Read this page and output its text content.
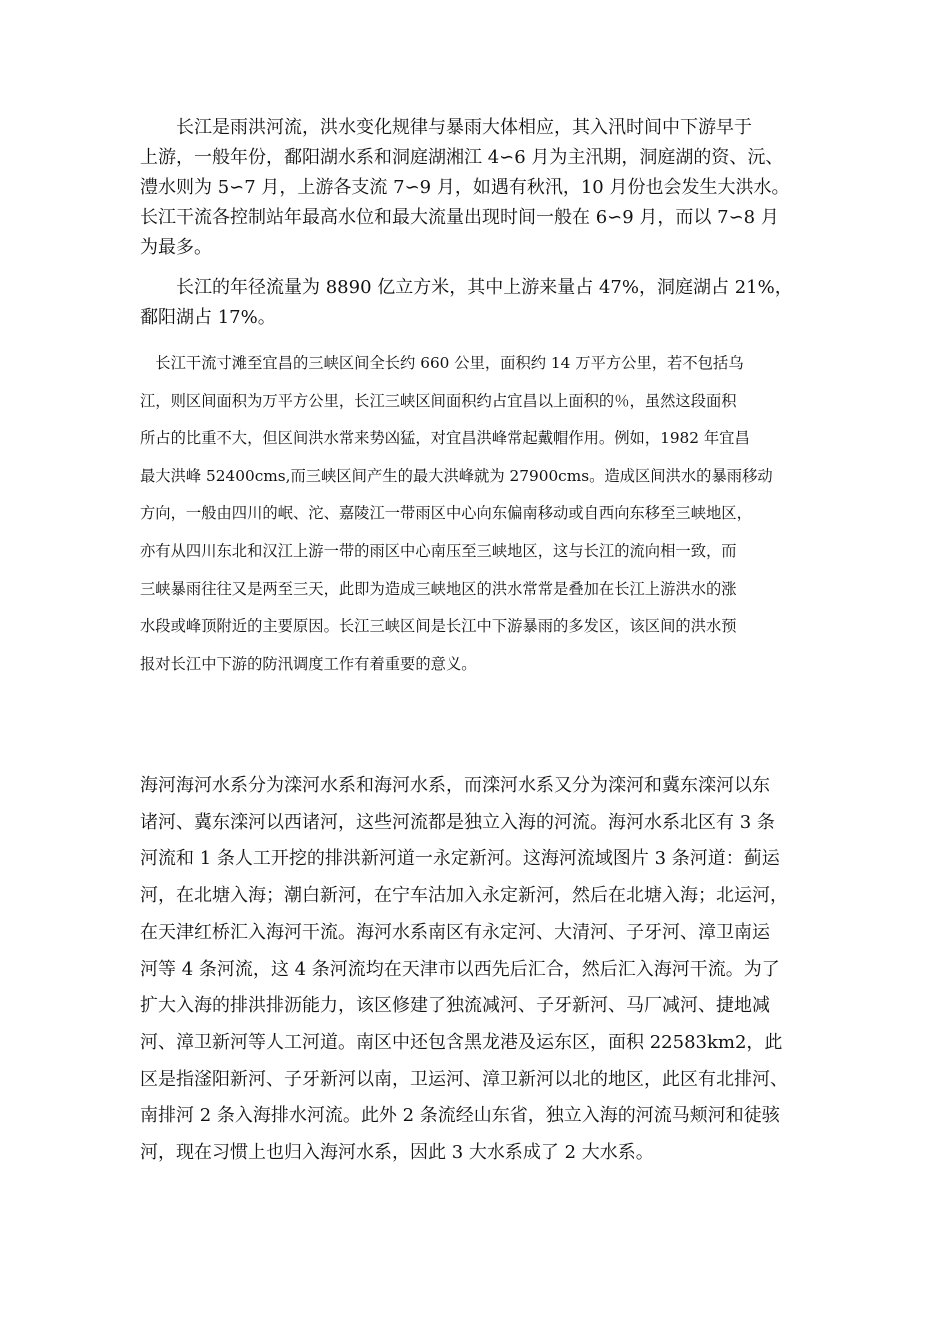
　　长江是雨洪河流，洪水变化规律与暴雨大体相应，其入汛时间中下游早于
上游，一般年份，鄱阳湖水系和洞庭湖湘江 4∽6 月为主汛期，洞庭湖的资、沅、
澧水则为 5∽7 月，上游各支流 7∽9 月，如遇有秋汛，10 月份也会发生大洪水。
长江干流各控制站年最高水位和最大流量出现时间一般在 6∽9 月，而以 7∽8 月
为最多。
　　长江的年径流量为 8890 亿立方米，其中上游来量占 47%，洞庭湖占 21%，
鄱阳湖占 17%。
　长江干流寸滩至宜昌的三峡区间全长约 660 公里，面积约 14 万平方公里，若不包括乌
江，则区间面积为万平方公里，长江三峡区间面积约占宜昌以上面积的％，虽然这段面积
所占的比重不大，但区间洪水常来势凶猛，对宜昌洪峰常起戴帽作用。例如，1982 年宜昌
最大洪峰 52400cms,而三峡区间产生的最大洪峰就为 27900cms。造成区间洪水的暴雨移动
方向，一般由四川的岷、沱、嘉陵江一带雨区中心向东偏南移动或自西向东移至三峡地区，
亦有从四川东北和汉江上游一带的雨区中心南压至三峡地区，这与长江的流向相一致，而
三峡暴雨往往又是两至三天，此即为造成三峡地区的洪水常常是叠加在长江上游洪水的涨
水段或峰顶附近的主要原因。长江三峡区间是长江中下游暴雨的多发区，该区间的洪水预
报对长江中下游的防汛调度工作有着重要的意义。
海河海河水系分为滦河水系和海河水系，而滦河水系又分为滦河和冀东滦河以东
诸河、冀东滦河以西诸河，这些河流都是独立入海的河流。海河水系北区有 3 条
河流和 1 条人工开挖的排洪新河道一永定新河。这海河流域图片 3 条河道：蓟运
河，在北塘入海；潮白新河，在宁车沽加入永定新河，然后在北塘入海；北运河，
在天津红桥汇入海河干流。海河水系南区有永定河、大清河、子牙河、漳卫南运
河等 4 条河流，这 4 条河流均在天津市以西先后汇合，然后汇入海河干流。为了
扩大入海的排洪排沥能力，该区修建了独流减河、子牙新河、马厂减河、捷地减
河、漳卫新河等人工河道。南区中还包含黑龙港及运东区，面积 22583km2，此
区是指滏阳新河、子牙新河以南，卫运河、漳卫新河以北的地区，此区有北排河、
南排河 2 条入海排水河流。此外 2 条流经山东省，独立入海的河流马颊河和徒骇
河，现在习惯上也归入海河水系，因此 3 大水系成了 2 大水系。
